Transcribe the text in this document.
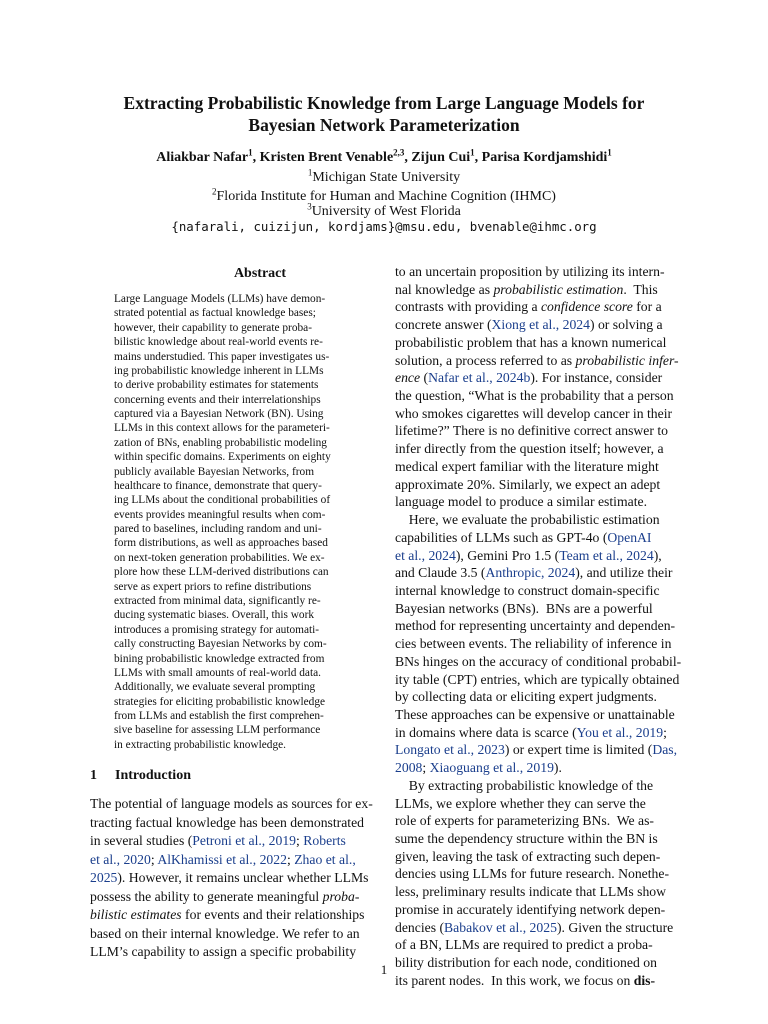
Extracting Probabilistic Knowledge from Large Language Models for
Bayesian Network Parameterization
Aliakbar Nafar$^1$, Kristen Brent Venable$^{2,3}$, Zijun Cui$^1$, Parisa Kordjamshidi$^1$
$^1$Michigan State University
$^2$Florida Institute for Human and Machine Cognition (IHMC)
$^3$University of West Florida
{nafarali, cuizijun, kordjams}@msu.edu, bvenable@ihmc.org
Abstract
Large Language Models (LLMs) have demon-
strated potential as factual knowledge bases;
however, their capability to generate proba-
bilistic knowledge about real-world events re-
mains understudied. This paper investigates us-
ing probabilistic knowledge inherent in LLMs
to derive probability estimates for statements
concerning events and their interrelationships
captured via a Bayesian Network (BN). Using
LLMs in this context allows for the parameteri-
zation of BNs, enabling probabilistic modeling
within specific domains. Experiments on eighty
publicly available Bayesian Networks, from
healthcare to finance, demonstrate that query-
ing LLMs about the conditional probabilities of
events provides meaningful results when com-
pared to baselines, including random and uni-
form distributions, as well as approaches based
on next-token generation probabilities. We ex-
plore how these LLM-derived distributions can
serve as expert priors to refine distributions
extracted from minimal data, significantly re-
ducing systematic biases. Overall, this work
introduces a promising strategy for automati-
cally constructing Bayesian Networks by com-
bining probabilistic knowledge extracted from
LLMs with small amounts of real-world data.
Additionally, we evaluate several prompting
strategies for eliciting probabilistic knowledge
from LLMs and establish the first comprehen-
sive baseline for assessing LLM performance
in extracting probabilistic knowledge.
1 Introduction
The potential of language models as sources for ex-
tracting factual knowledge has been demonstrated
in several studies (Petroni et al., 2019; Roberts
et al., 2020; AlKhamissi et al., 2022; Zhao et al.,
2025). However, it remains unclear whether LLMs
possess the ability to generate meaningful proba-
bilistic estimates for events and their relationships
based on their internal knowledge. We refer to an
LLM’s capability to assign a specific probability
to an uncertain proposition by utilizing its intern-
nal knowledge as probabilistic estimation.  This
contrasts with providing a confidence score for a
concrete answer (Xiong et al., 2024) or solving a
probabilistic problem that has a known numerical
solution, a process referred to as probabilistic infer-
ence (Nafar et al., 2024b). For instance, consider
the question, “What is the probability that a person
who smokes cigarettes will develop cancer in their
lifetime?” There is no definitive correct answer to
infer directly from the question itself; however, a
medical expert familiar with the literature might
approximate 20%. Similarly, we expect an adept
language model to produce a similar estimate.
Here, we evaluate the probabilistic estimation
capabilities of LLMs such as GPT-4o (OpenAI
et al., 2024), Gemini Pro 1.5 (Team et al., 2024),
and Claude 3.5 (Anthropic, 2024), and utilize their
internal knowledge to construct domain-specific
Bayesian networks (BNs).  BNs are a powerful
method for representing uncertainty and dependen-
cies between events. The reliability of inference in
BNs hinges on the accuracy of conditional probabil-
ity table (CPT) entries, which are typically obtained
by collecting data or eliciting expert judgments.
These approaches can be expensive or unattainable
in domains where data is scarce (You et al., 2019;
Longato et al., 2023) or expert time is limited (Das,
2008; Xiaoguang et al., 2019).
By extracting probabilistic knowledge of the
LLMs, we explore whether they can serve the
role of experts for parameterizing BNs.  We as-
sume the dependency structure within the BN is
given, leaving the task of extracting such depen-
dencies using LLMs for future research. Nonethe-
less, preliminary results indicate that LLMs show
promise in accurately identifying network depen-
dencies (Babakov et al., 2025). Given the structure
of a BN, LLMs are required to predict a proba-
bility distribution for each node, conditioned on
its parent nodes.  In this work, we focus on dis-
1
